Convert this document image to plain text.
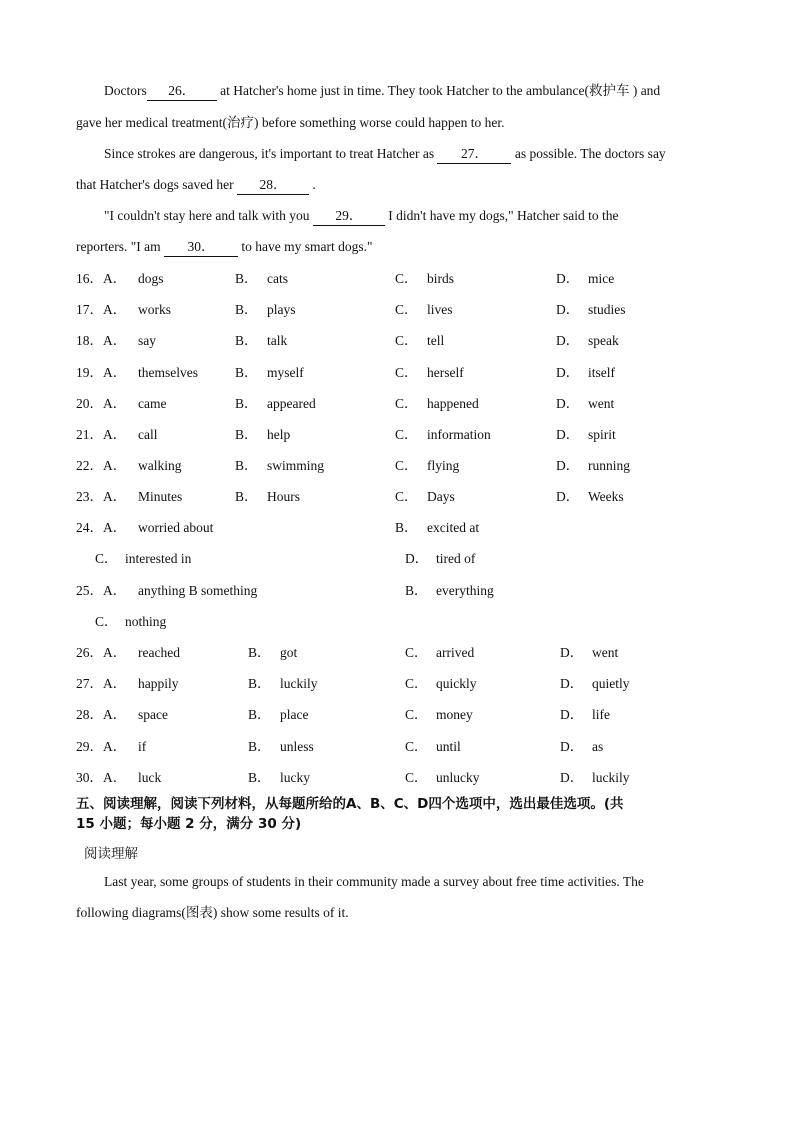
Doctors 26． at Hatcher's home just in time. They took Hatcher to the ambulance(救护车 ) and
gave her medical treatment(治疗) before something worse could happen to her.
Since strokes are dangerous, it's important to treat Hatcher as 27． as possible. The doctors say
that Hatcher's dogs saved her 28． .
"I couldn't stay here and talk with you 29． I didn't have my dogs," Hatcher said to the
reporters. "I am 30． to have my smart dogs."
16．A． dogs	B． cats	C． birds	D． mice
17．A． works	B． plays	C． lives	D． studies
18．A． say	B． talk	C． tell	D． speak
19．A． themselves	B． myself	C． herself	D． itself
20．A． came	B． appeared	C． happened	D． went
21．A． call	B． help	C． information	D． spirit
22．A． walking	B． swimming	C． flying	D． running
23．A． Minutes	B． Hours	C． Days	D． Weeks
24．A． worried about	B． excited at
C． interested in	D． tired of
25．A． anything B something	B． everything
C． nothing
26．A． reached	B． got	C． arrived	D． went
27．A． happily	B． luckily	C． quickly	D． quietly
28．A． space	B． place	C． money	D． life
29．A． if	B． unless	C． until	D． as
30．A． luck	B． lucky	C． unlucky	D． luckily
五、阅读理解，阅读下列材料，从每题所给的A、B、C、D四个选项中，选出最佳选项。(共
15 小题；每小题 2 分，满分 30 分)
阅读理解
Last year, some groups of students in their community made a survey about free time activities. The
following diagrams(图表) show some results of it.
